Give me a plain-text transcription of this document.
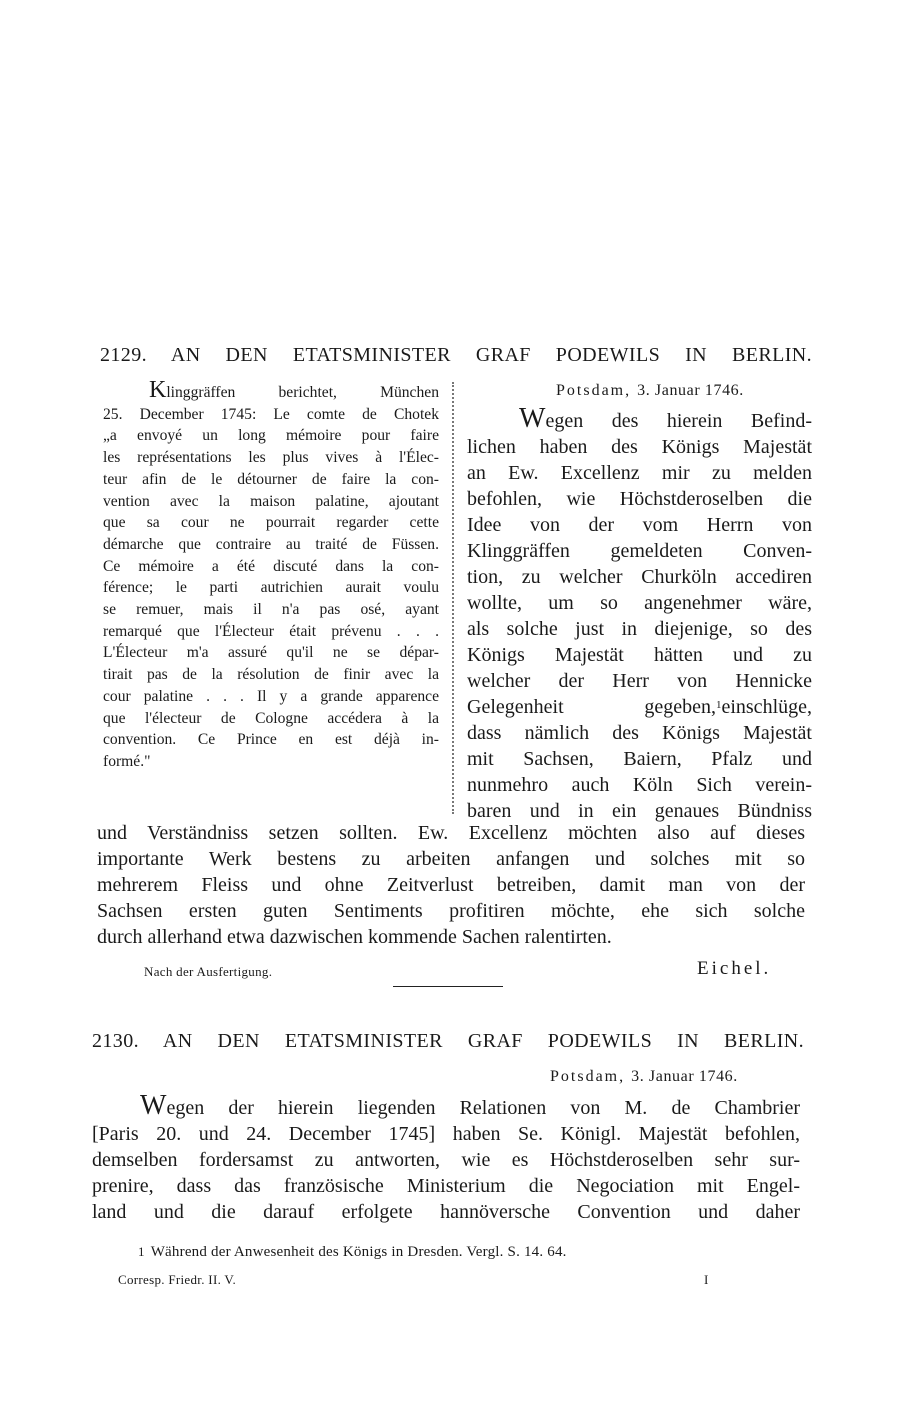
2129. AN DEN ETATSMINISTER GRAF PODEWILS IN BERLIN.
Klinggräffen berichtet, München
25. December 1745: Le comte de Chotek
„a envoyé un long mémoire pour faire
les représentations les plus vives à l'Élec-
teur afin de le détourner de faire la con-
vention avec la maison palatine, ajoutant
que sa cour ne pourrait regarder cette
démarche que contraire au traité de Füssen.
Ce mémoire a été discuté dans la con-
férence; le parti autrichien aurait voulu
se remuer, mais il n'a pas osé, ayant
remarqué que l'Électeur était prévenu . . .
L'Électeur m'a assuré qu'il ne se dépar-
tirait pas de la résolution de finir avec la
cour palatine . . . Il y a grande apparence
que l'électeur de Cologne accédera à la
convention. Ce Prince en est déjà in-
formé."
Potsdam, 3. Januar 1746.
Wegen des hierein Befind-
lichen haben des Königs Majestät
an Ew. Excellenz mir zu melden
befohlen, wie Höchstderoselben die
Idee von der vom Herrn von
Klinggräffen gemeldeten Conven-
tion, zu welcher Churköln accediren
wollte, um so angenehmer wäre,
als solche just in diejenige, so des
Königs Majestät hätten und zu
welcher der Herr von Hennicke
Gelegenheit gegeben,$^1$einschlüge,
dass nämlich des Königs Majestät
mit Sachsen, Baiern, Pfalz und
nunmehro auch Köln Sich verein-
baren und in ein genaues Bündniss
und Verständniss setzen sollten. Ew. Excellenz möchten also auf dieses
importante Werk bestens zu arbeiten anfangen und solches mit so
mehrerem Fleiss und ohne Zeitverlust betreiben, damit man von der
Sachsen ersten guten Sentiments profitiren möchte, ehe sich solche
durch allerhand etwa dazwischen kommende Sachen ralentirten.
Nach der Ausfertigung.	Eichel.
2130. AN DEN ETATSMINISTER GRAF PODEWILS IN BERLIN.
Potsdam, 3. Januar 1746.
Wegen der hierein liegenden Relationen von M. de Chambrier
[Paris 20. und 24. December 1745] haben Se. Königl. Majestät befohlen,
demselben fordersamst zu antworten, wie es Höchstderoselben sehr sur-
prenire, dass das französische Ministerium die Negociation mit Engel-
land und die darauf erfolgete hannöversche Convention und daher
1 Während der Anwesenheit des Königs in Dresden. Vergl. S. 14. 64.
Corresp. Friedr. II. V.	I
